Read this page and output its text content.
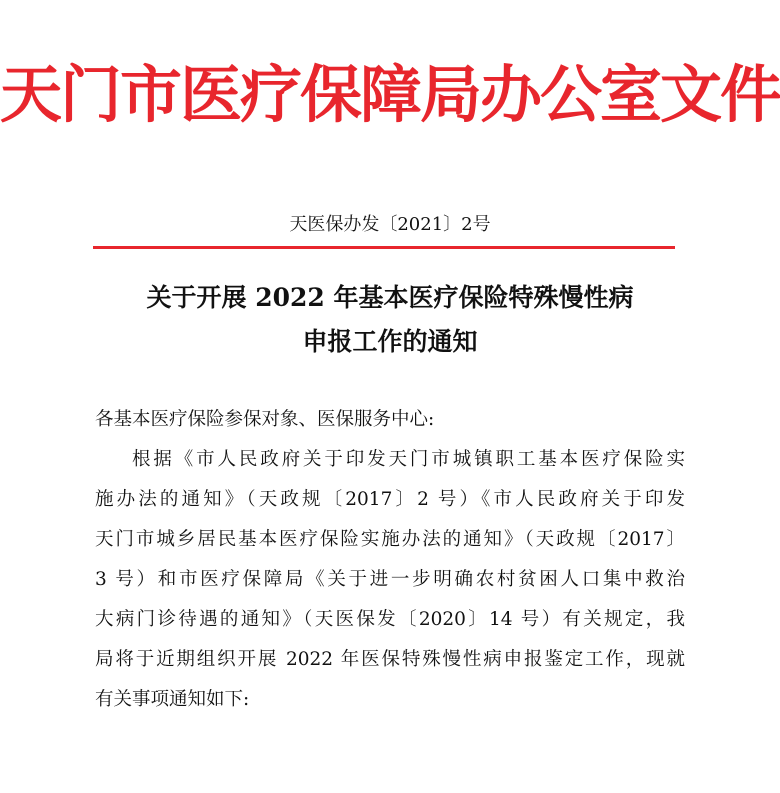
天门市医疗保障局办公室文件
天医保办发〔2021〕2号
关于开展 2022 年基本医疗保险特殊慢性病
申报工作的通知
各基本医疗保险参保对象、医保服务中心:
根据《市人民政府关于印发天门市城镇职工基本医疗保险实
施办法的通知》（天政规〔2017〕2 号）《市人民政府关于印发
天门市城乡居民基本医疗保险实施办法的通知》（天政规〔2017〕
3 号）和市医疗保障局《关于进一步明确农村贫困人口集中救治
大病门诊待遇的通知》（天医保发〔2020〕14 号）有关规定，我
局将于近期组织开展 2022 年医保特殊慢性病申报鉴定工作，现就
有关事项通知如下:
